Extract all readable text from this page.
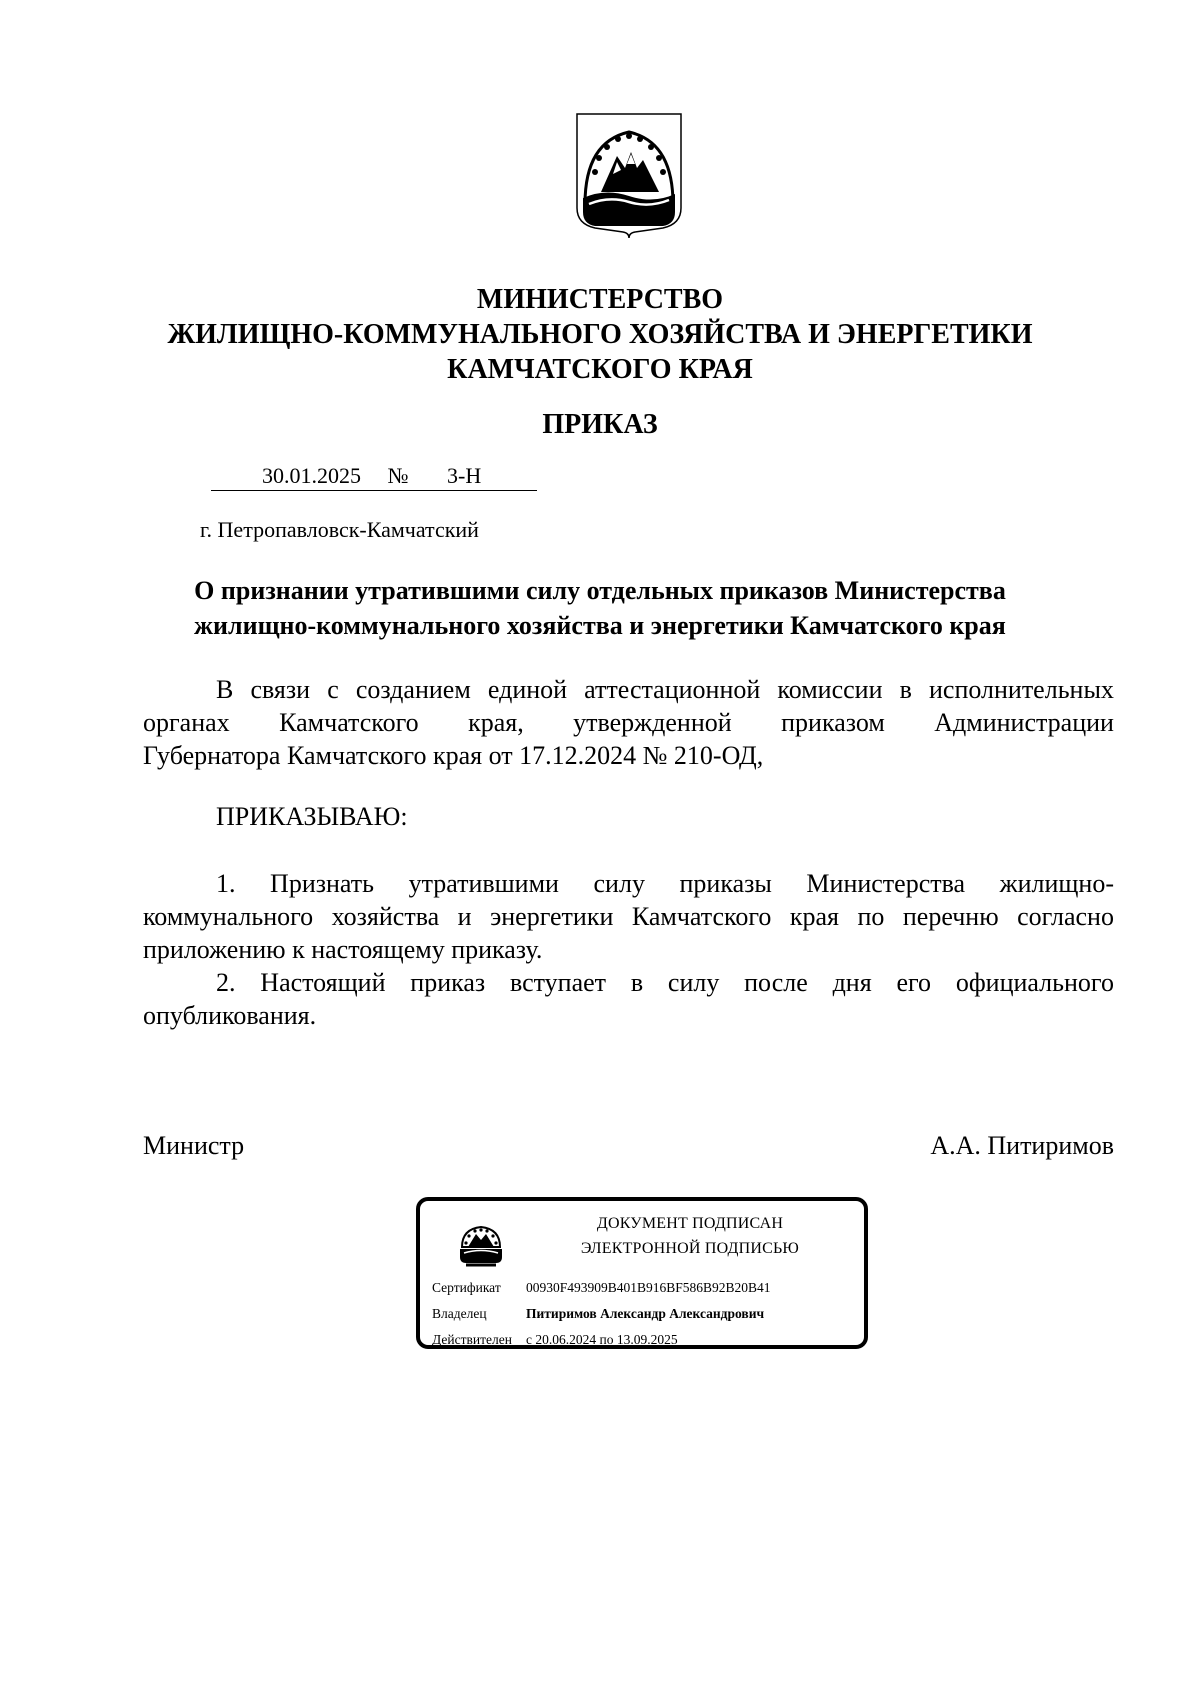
МИНИСТЕРСТВО
ЖИЛИЩНО-КОММУНАЛЬНОГО ХОЗЯЙСТВА И ЭНЕРГЕТИКИ
КАМЧАТСКОГО КРАЯ
ПРИКАЗ
30.01.2025 № 3-Н
г. Петропавловск-Камчатский
О признании утратившими силу отдельных приказов Министерства
жилищно-коммунального хозяйства и энергетики Камчатского края
В связи с созданием единой аттестационной комиссии в исполнительных
органах Камчатского края, утвержденной приказом Администрации
Губернатора Камчатского края от 17.12.2024 № 210-ОД,
ПРИКАЗЫВАЮ:
1. Признать утратившими силу приказы Министерства жилищно-
коммунального хозяйства и энергетики Камчатского края по перечню согласно
приложению к настоящему приказу.
2. Настоящий приказ вступает в силу после дня его официального
опубликования.
Министр	А.А. Питиримов
ДОКУМЕНТ ПОДПИСАН
ЭЛЕКТРОННОЙ ПОДПИСЬЮ
Сертификат 00930F493909B401B916BF586B92B20B41
Владелец	Питиримов Александр Александрович
Действителен с 20.06.2024 по 13.09.2025
